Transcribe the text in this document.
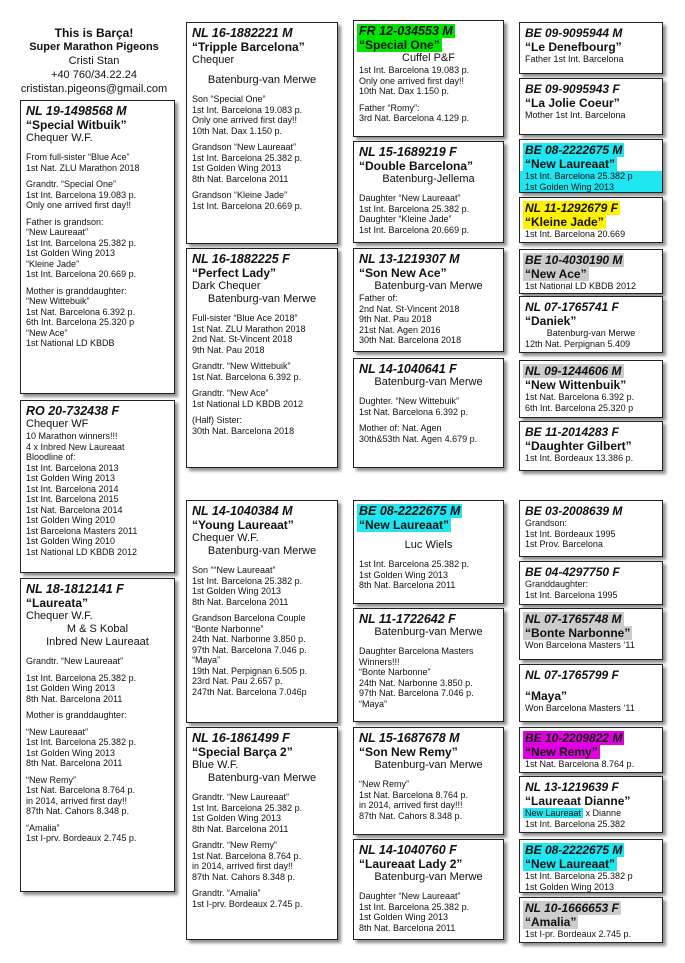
This is Barça!
Super Marathon Pigeons
Cristi Stan
+40 760/34.22.24
crististan.pigeons@gmail.com
NL 19-1498568 M
“Special Witbuik”
Chequer W.F.
From full-sister “Blue Ace”
1st Nat. ZLU Marathon 2018
Grandtr. “Special One”
1st Int. Barcelona 19.083 p.
Only one arrived first day!!
Father is grandson:
“New Laureaat”
1st Int. Barcelona 25.382 p.
1st Golden Wing 2013
“Kleine Jade”
1st Int. Barcelona 20.669 p.
Mother is granddaughter:
“New Wittebuik”
1st Nat. Barcelona 6.392 p.
6th Int. Barcelona 25.320 p
“New Ace”
1st National LD KBDB
RO 20-732438 F
Chequer WF
10 Marathon winners!!!
4 x Inbred New Laureaat
Bloodline of:
1st Int. Barcelona 2013
1st Golden Wing 2013
1st Int. Barcelona 2014
1st Int. Barcelona 2015
1st Nat. Barcelona 2014
1st Golden Wing 2010
1st Barcelona Masters 2011
1st Golden Wing 2010
1st National LD KBDB 2012
NL 18-1812141 F
“Laureata”
Chequer W.F.
M & S Kobal
Inbred New Laureaat
Grandtr. “New Laureaat”
1st Int. Barcelona 25.382 p.
1st Golden Wing 2013
8th Nat. Barcelona 2011
Mother is granddaughter:
“New Laureaat”
1st Int. Barcelona 25.382 p.
1st Golden Wing 2013
8th Nat. Barcelona 2011
“New Remy”
1st Nat. Barcelona 8.764 p.
in 2014, arrived first day!!
87th Nat. Cahors 8.348 p.
“Amalia”
1st I-prv. Bordeaux 2.745 p.
NL 16-1882221 M
“Tripple Barcelona”
Chequer
Batenburg-van Merwe
Son “Special One”
1st Int. Barcelona 19.083 p.
Only one arrived first day!!
10th Nat. Dax 1.150 p.
Grandson “New Laureaat”
1st Int. Barcelona 25.382 p.
1st Golden Wing 2013
8th Nat. Barcelona 2011
Grandson “Kleine Jade”
1st Int. Barcelona 20.669 p.
NL 16-1882225 F
“Perfect Lady”
Dark Chequer
Batenburg-van Merwe
Full-sister “Blue Ace 2018”
1st Nat. ZLU Marathon 2018
2nd Nat. St-Vincent 2018
9th Nat. Pau 2018
Grandtr. “New Wittebuik”
1st Nat. Barcelona 6.392 p.
Grandtr. “New Ace”
1st National LD KBDB 2012
(Half) Sister:
30th Nat. Barcelona 2018
NL 14-1040384 M
“Young Laureaat”
Chequer W.F.
Batenburg-van Merwe
Son ““New Laureaat”
1st Int. Barcelona 25.382 p.
1st Golden Wing 2013
8th Nat. Barcelona 2011
Grandson Barcelona Couple
“Bonte Narbonne”
24th Nat. Narbonne 3.850 p.
97th Nat. Barcelona 7.046 p.
“Maya”
19th Nat. Perpignan 6.505 p.
23rd Nat. Pau 2.657 p.
247th Nat. Barcelona 7.046p
NL 16-1861499 F
“Special Barça 2”
Blue W.F.
Batenburg-van Merwe
Grandtr. “New Laureaat”
1st Int. Barcelona 25.382 p.
1st Golden Wing 2013
8th Nat. Barcelona 2011
Grandtr. “New Remy”
1st Nat. Barcelona 8.764 p.
in 2014, arrived first day!!
87th Nat. Cahors 8.348 p.
Grandtr. “Amalia”
1st I-prv. Bordeaux 2.745 p.
FR 12-034553 M
“Special One”
Cuffel P&F
1st Int. Barcelona 19.083 p.
Only one arrived first day!!
10th Nat. Dax 1.150 p.
Father “Romy”:
3rd Nat. Barcelona 4.129 p.
NL 15-1689219 F
“Double Barcelona”
Batenburg-Jellema
Daughter “New Laureaat”
1st Int. Barcelona 25.382 p.
Daughter “Kleine Jade”
1st Int. Barcelona 20.669 p.
NL 13-1219307 M
“Son New Ace”
Batenburg-van Merwe
Father of:
2nd Nat. St-Vincent 2018
9th Nat. Pau 2018
21st Nat. Agen 2016
30th Nat. Barcelona 2018
NL 14-1040641 F
Batenburg-van Merwe
Dughter. “New Wittebuik”
1st Nat. Barcelona 6.392 p.
Mother of: Nat. Agen
30th&53th Nat. Agen 4.679 p.
BE 08-2222675 M
“New Laureaat”
Luc Wiels
1st Int. Barcelona 25.382 p.
1st Golden Wing 2013
8th Nat. Barcelona 2011
NL 11-1722642 F
Batenburg-van Merwe
Daughter Barcelona Masters
Winners!!!
“Bonte Narbonne”
24th Nat. Narbonne 3.850 p.
97th Nat. Barcelona 7.046 p.
“Maya”
NL 15-1687678 M
“Son New Remy”
Batenburg-van Merwe
“New Remy”
1st Nat. Barcelona 8.764 p.
in 2014, arrived first day!!!
87th Nat. Cahors 8.348 p.
NL 14-1040760 F
“Laureaat Lady 2”
Batenburg-van Merwe
Daughter “New Laureaat”
1st Int. Barcelona 25.382 p.
1st Golden Wing 2013
8th Nat. Barcelona 2011
BE 09-9095944 M
“Le Denefbourg”
Father 1st Int. Barcelona
BE 09-9095943 F
“La Jolie Coeur”
Mother 1st Int. Barcelona
BE 08-2222675 M
“New Laureaat”
1st Int. Barcelona 25.382 p
1st Golden Wing 2013
NL 11-1292679 F
“Kleine Jade”
1st Int. Barcelona 20.669
BE 10-4030190 M
“New Ace”
1st National LD KBDB 2012
NL 07-1765741 F
“Daniek”
Batenburg-van Merwe
12th Nat. Perpignan 5.409
NL 09-1244606 M
“New Wittenbuik”
1st Nat. Barcelona 6.392 p.
6th Int. Barcelona 25.320 p
BE 11-2014283 F
“Daughter Gilbert”
1st Int. Bordeaux 13.386 p.
BE 03-2008639 M
Grandson:
1st Int. Bordeaux 1995
1st Prov. Barcelona
BE 04-4297750 F
Granddaughter:
1st Int. Barcelona 1995
NL 07-1765748 M
“Bonte Narbonne”
Won Barcelona Masters ‘11
NL 07-1765799 F
“Maya”
Won Barcelona Masters ‘11
BE 10-2209822 M
“New Remy”
1st Nat. Barcelona 8.764 p.
NL 13-1219639 F
“Laureaat Dianne”
New Laureaat x Dianne
1st Int. Barcelona 25.382
BE 08-2222675 M
“New Laureaat”
1st Int. Barcelona 25.382 p
1st Golden Wing 2013
NL 10-1666653 F
“Amalia”
1st I-pr. Bordeaux 2.745 p.
